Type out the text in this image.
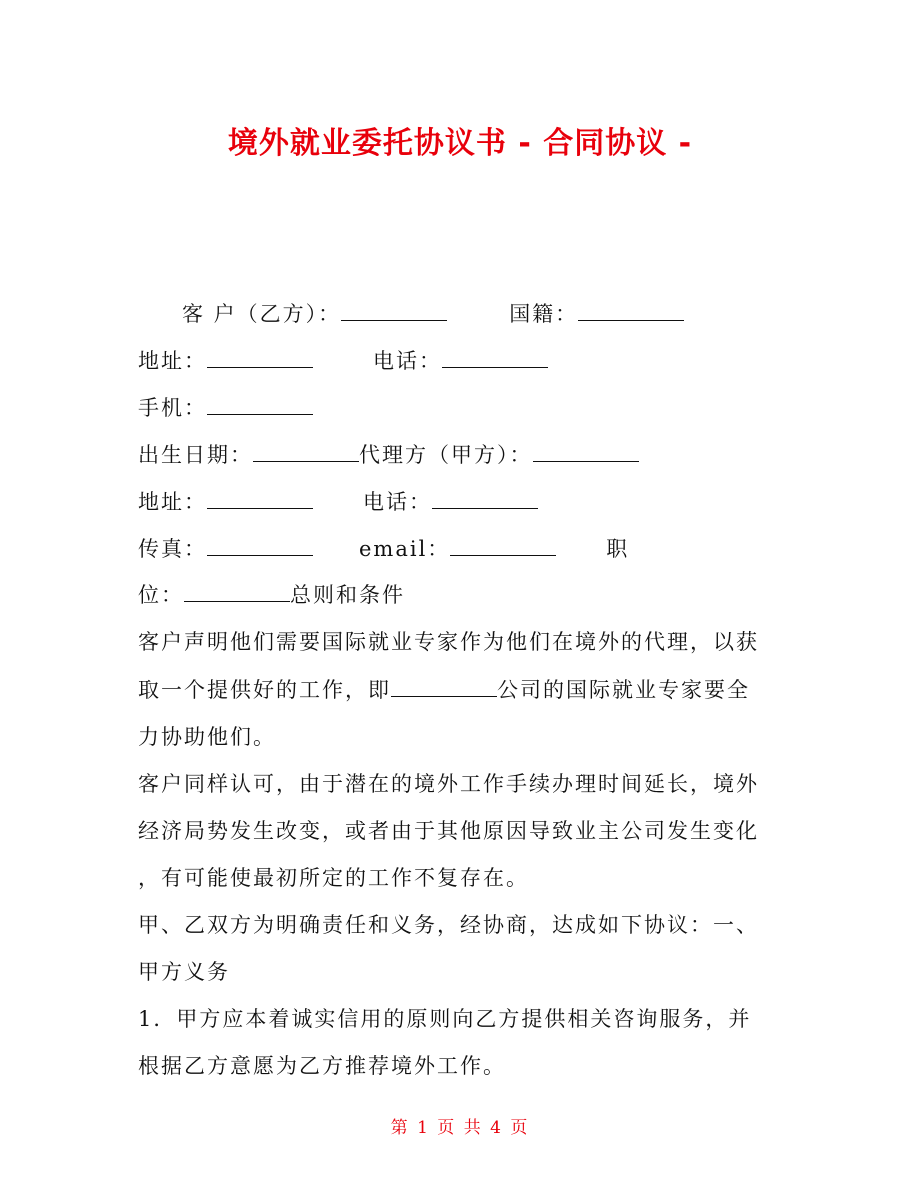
境外就业委托协议书 - 合同协议 -
客 户（乙方）：	国籍：
地址：	电话：
手机：
出生日期：	代理方（甲方）：
地址：	电话：
传真：	email：	职
位：	总则和条件
客户声明他们需要国际就业专家作为他们在境外的代理，以获
取一个提供好的工作，即	公司的国际就业专家要全
力协助他们。
客户同样认可，由于潜在的境外工作手续办理时间延长，境外
经济局势发生改变，或者由于其他原因导致业主公司发生变化
，有可能使最初所定的工作不复存在。
甲、乙双方为明确责任和义务，经协商，达成如下协议：一、
甲方义务
1．甲方应本着诚实信用的原则向乙方提供相关咨询服务，并
根据乙方意愿为乙方推荐境外工作。
第 1 页 共 4 页
